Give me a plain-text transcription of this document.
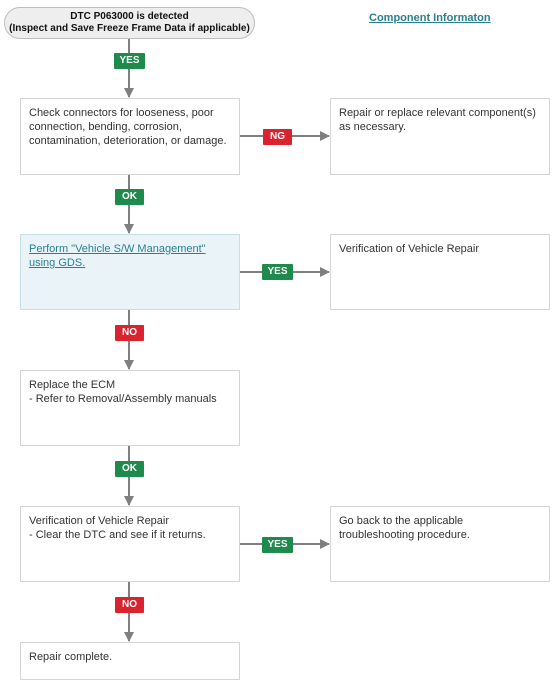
DTC P063000 is detected
(Inspect and Save Freeze Frame Data if applicable)
Component Informaton
Check connectors for looseness, poor connection, bending, corrosion, contamination, deterioration, or damage.
Repair or replace relevant component(s) as necessary.
Perform "Vehicle S/W Management" using GDS.
Verification of Vehicle Repair
Replace the ECM
- Refer to Removal/Assembly manuals
Verification of Vehicle Repair
- Clear the DTC and see if it returns.
Go back to the applicable troubleshooting procedure.
Repair complete.
YES
NG
OK
YES
NO
OK
YES
NO
